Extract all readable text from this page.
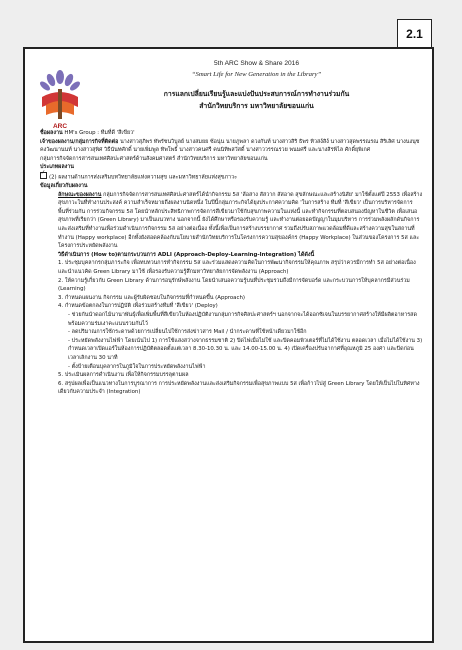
2.1
ARC
5th ARC Show & Share 2016
“Smart Life for New Generation in the Library”
การแลกเปลี่ยนเรียนรู้และแบ่งปันประสบการณ์การทำงานร่วมกัน
สำนักวิทยบริการ มหาวิทยาลัยขอนแก่น

ชื่อผลงาน HM's Group : ทีมที่ดี 'สีเขียว'

เจ้าของผลงาน/กลุ่มการกิจที่ติดต่อ นางสาวสุภิพร ทัพรัชนวิบูลย์ นางสมยย ซ้อนุ่น นายภูพลา ดวงกันท์ นางสาวสิริ ธิพร ทิวสง์สิง์ นางสาวสุดพรรณรณ สิริเลิศ นางนงนุช คงวัฒนานนท์ นางสาวสุพิศ วิธีนันทศักดิ์ นายเพิ่มพูล ทิพโพธิ์ นางสาวคนศรี คนนิทิพสวัสดิ์ นางสาววรรณรวย พนมศรี และนางสิรพิไล ศักดิ์ยุพิเกศ

กลุ่มการกิจจัดการสารสนเทศศิลปะศาสตร์ด้านสังคมศาสตร์ สำนักวิทยบริการ มหาวิทยาลัยขอนแก่น

ประเภทผลงาน

✓(2) ผลงานด้านการส่งเสริมบทวิทยาลัยแห่งความสุข และมหาวิทยาลัยแห่งสุขภาวะ

ข้อมูลเกี่ยวกับผลงาน

ลักษณะของผลงาน กลุ่มการกิจจัดการสารสนเทศศิลปะศาสตร์ได้นำกิจกรรม 5ส 'ส้อสาง สัสวาก สัสอาด สุขลักษณะและสร้างนิสัย' มาใช้ตั้งแต่ปี 2553 เพื่อสร้างสุขภาวะในที่ทำงานประสงค์ ความสำเร็จหมายถึงผลงานนิดหนึ่ง ในปีนี้กลุ่มภาระกิจได้ยุงประกาศความคิด 'ในการสร้าง ทีมที่ 'สีเขียว' เป็นการบริหารจัดการพื้นที่ร่วมกัน การร่วมกิจกรรม 5ส โดยนำหลักประสิทธิภาพการจัดการสีเขียวมาใช้กับสุขภาพความในแห่งนี้ และทำกิจกรรมที่ตอบสนองปัญหาในชีวิต เพื่อเสนอสุขภาพที่เรียกว่า (Green Library) มาเป็นแนวทาง นอกจากนี้ ยังได้ศึกษาหรือรองรับความรู้ และทำงานต่อยอดปัญญาในมุมบริหาร การร่วมพลังผลักดันกิจการและส่งเสริมที่ทำงานเพื่อร่วมดำเนินการกิจกรรม 5ส อย่างต่อเนื่อง ทั้งนี้เพื่อเป็นการสร้างบรรยากาศ รวมถึงปรับสภาพแวดล้อมที่ดีและสร้างความสุขในสถานที่ทำงาน (Happy workplace) อีกทั้งยังสอดคล้องกับนโยบายสำนักวิทยบริการในโครงการความสุของค์กร (Happy Workplace) ในส่วนของโครงการ 5ส และโครงการประหยัดพลังงาน

วิธีดำเนินการ (How to)ตามกระบวนการ ADLI (Approach-Deploy-Learning-Integration) ได้ดังนี้

1. ประชุมบุคลากรกลุ่มภาระกิจ เพื่อทบทวนการทำกิจกรรม 5ส และร่วมแสดงความคิดในการพัฒนากิจกรรมให้คุณภาพ สรุปว่าควรมีการทำ 5ส อย่างต่อเนื่อง และนำแนวคิด Green Library มาใช้ เพื่อรองรับความรู้สึกมหาวิทยาลัยการจัดพลังงาน (Approach)

2. ให้ความรู้เกี่ยวกับ Green Library ด้านการอนุรักษ์พลังงาน โดยนำเสนอความรู้บนที่ประชุมรวมถึงมีการจัดบอร์ด และกระบวนการให้บุคลากรมีส่วนร่วม (Learning)

3. กำหนดแผนงาน กิจกรรม และผู้รับผิดชอบในกิจกรรมที่กำหนดขึ้น (Approach)

4. กำหนดข้อตกลงในการปฏิบัติ เพื่อร่วมสร้างทีมที่ 'สีเขียว' (Deploy)

- ช่วยกันนำดอกไม้นานาพันธุ์เพื่อเพิ่มพื้นที่สีเขียวในห้องปฏิบัติงานกลุ่มการกิจศิลปะศาสตร์ฯ นอกจากจะได้ออกซิเจนในบรรยากาศสร้างให้มีผลิตอาหารสดพร้อมความร่มเงาคะแนนรวมกันไว้

- ลดปริมาณการใช้กระดาษด้วยการเปลี่ยนไปใช้การส่งข่าวสาร Mail / นำกระดาษที่ใช้หน้าเดียวมาใช้อีก

- ประหยัดพลังงานไฟฟ้า โดยเน้นไป 1) การใช้แสงสว่างจากธรรมชาติ 2) ปิดไฟเมื่อไม่ใช้ และปิดคอมพิวเตอร์ที่ไม่ได้ใช้งาน ตลอดเวลา เมื่อไม่ได้ใช้งาน 3) กำหนดเวลาเปิดแอร์ในห้องการปฏิบัติตลอดตั้งแต่เวลา 8.30-10.30 น. และ 14.00-15.00 น. 4) เปิดเครื่องปรับอากาศที่อุณหภูมิ 25 องศา และปิดก่อนเวลาเลิกงาน 30 นาที

- ตั้งป้ายเตือนบุคลากรในภูมิใจในการประหยัดพลังงานไฟฟ้า

5. ประเมินผลการดำเนินงาน เพื่อให้กิจกรรมบรรลุตามผล

6. สรุปผลเพื่อเป็นแนวทางในการบูรณาการ การประหยัดพลังงานและส่งเสริมกิจกรรมเพื่อสุขภาพแบบ 5ส เพื่อก้าวไปสู่ Green Library โดยให้เป็นไปในทิศทางเดียวกับความประจำ (Integration)
